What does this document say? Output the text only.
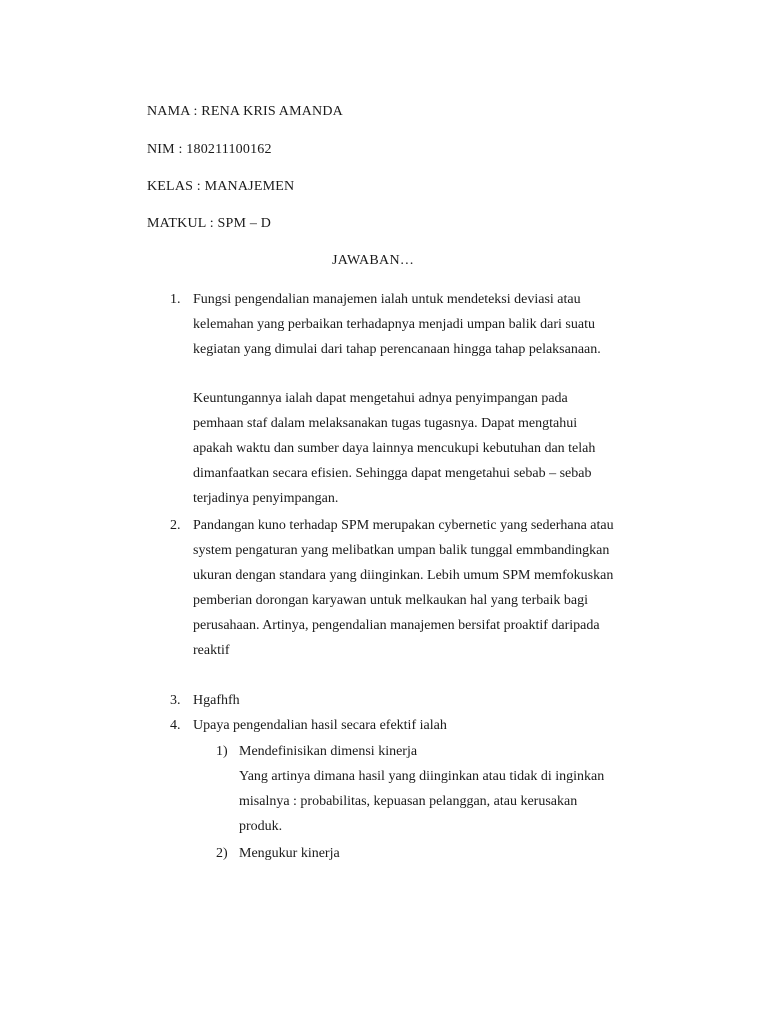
NAMA : RENA KRIS AMANDA
NIM : 180211100162
KELAS : MANAJEMEN
MATKUL : SPM – D
JAWABAN…
1. Fungsi pengendalian manajemen ialah untuk mendeteksi deviasi atau
kelemahan yang perbaikan terhadapnya menjadi umpan balik dari suatu
kegiatan yang dimulai dari tahap perencanaan hingga tahap pelaksanaan.
Keuntungannya ialah dapat mengetahui adnya penyimpangan pada
pemhaan staf dalam melaksanakan tugas tugasnya. Dapat mengtahui
apakah waktu dan sumber daya lainnya mencukupi kebutuhan dan telah
dimanfaatkan secara efisien. Sehingga dapat mengetahui sebab – sebab
terjadinya penyimpangan.
2. Pandangan kuno terhadap SPM merupakan cybernetic yang sederhana atau
system pengaturan yang melibatkan umpan balik tunggal emmbandingkan
ukuran dengan standara yang diinginkan. Lebih umum SPM memfokuskan
pemberian dorongan karyawan untuk melkaukan hal yang terbaik bagi
perusahaan. Artinya, pengendalian manajemen bersifat proaktif daripada
reaktif
3. Hgafhfh
4. Upaya pengendalian hasil secara efektif ialah
1) Mendefinisikan dimensi kinerja
Yang artinya dimana hasil yang diinginkan atau tidak di inginkan
misalnya : probabilitas, kepuasan pelanggan, atau kerusakan
produk.
2) Mengukur kinerja
